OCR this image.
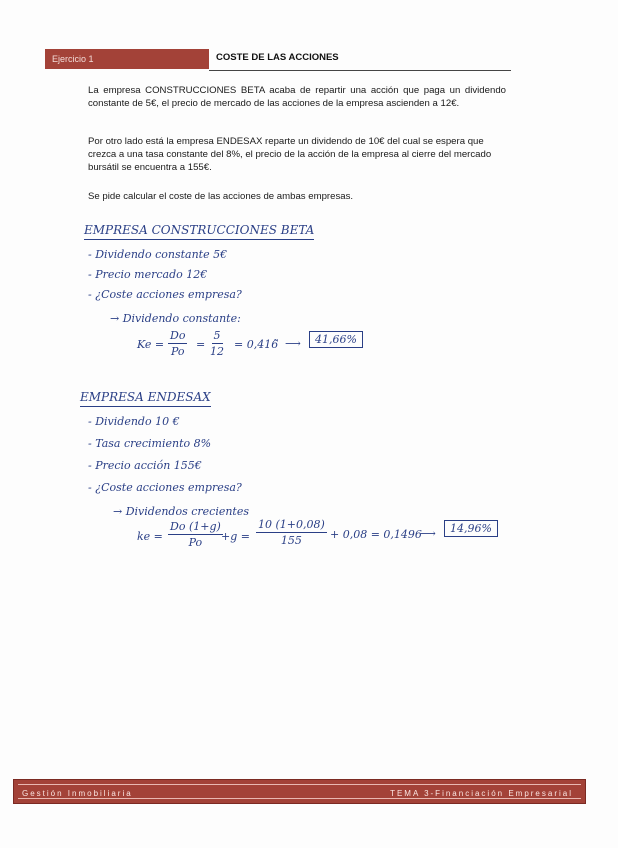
Ejercicio 1	COSTE DE LAS ACCIONES
La empresa CONSTRUCCIONES BETA acaba de repartir una acción que paga un dividendo constante de 5€, el precio de mercado de las acciones de la empresa ascienden a 12€.
Por otro lado está la empresa ENDESAX reparte un dividendo de 10€ del cual se espera que crezca a una tasa constante del 8%, el precio de la acción de la empresa al cierre del mercado bursátil se encuentra a 155€.
Se pide calcular el coste de las acciones de ambas empresas.
EMPRESA CONSTRUCCIONES BETA
- Dividendo constante 5€
- Precio mercado 12€
- ¿Coste acciones empresa?
→ Dividendo constante:
$Ke = \frac{Do}{Po} = \frac{5}{12}$ = 0,416̃ ⟶	41,66%
EMPRESA ENDESAX
- Dividendo 10 €
- Tasa crecimiento 8%
- Precio acción 155€
- ¿Coste acciones empresa?
→ Dividendos crecientes
ke = $\frac{Do (1+g)}{Po}$
$+g = \frac{10 (1+0,08)}{155} + 0,08 = 0,1496$
⟶	14,96%
Gestión Inmobiliaria	TEMA 3-Financiación Empresarial
